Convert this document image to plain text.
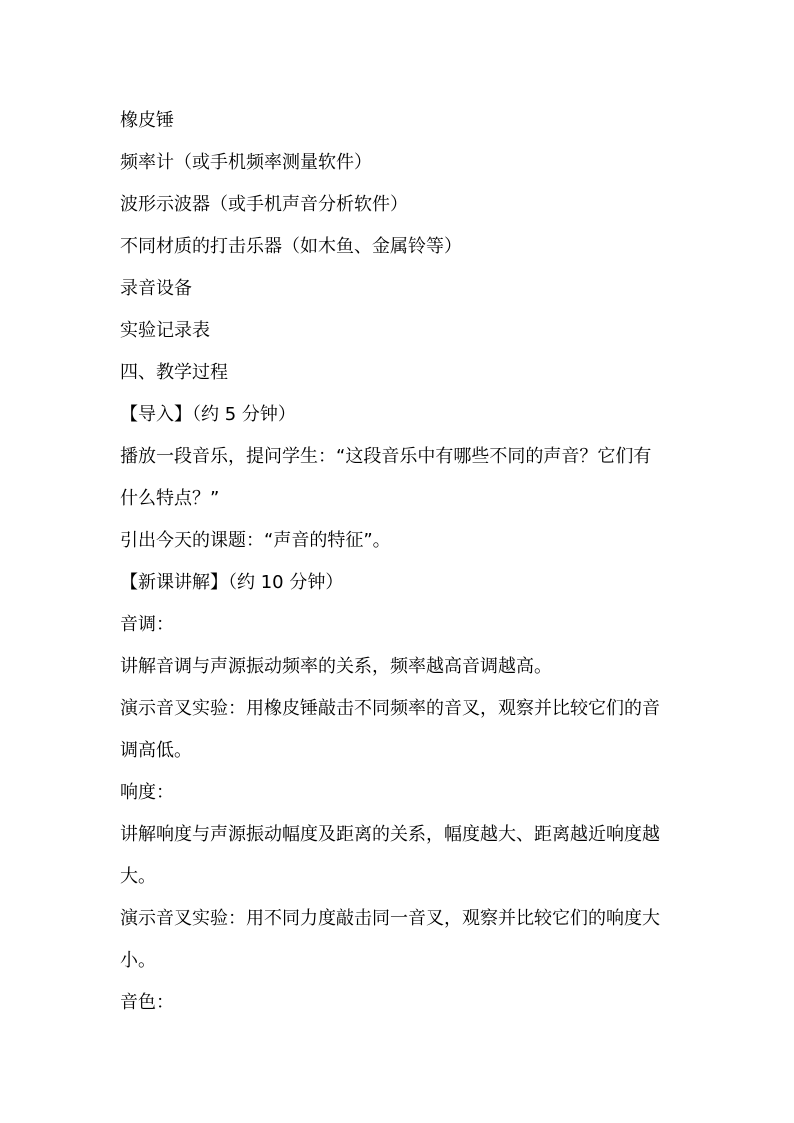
橡皮锤
频率计（或手机频率测量软件）
波形示波器（或手机声音分析软件）
不同材质的打击乐器（如木鱼、金属铃等）
录音设备
实验记录表
四、教学过程
【导入】（约 5 分钟）
播放一段音乐，提问学生：“这段音乐中有哪些不同的声音？它们有
什么特点？”
引出今天的课题：“声音的特征”。
【新课讲解】（约 10 分钟）
音调：
讲解音调与声源振动频率的关系，频率越高音调越高。
演示音叉实验：用橡皮锤敲击不同频率的音叉，观察并比较它们的音
调高低。
响度：
讲解响度与声源振动幅度及距离的关系，幅度越大、距离越近响度越
大。
演示音叉实验：用不同力度敲击同一音叉，观察并比较它们的响度大
小。
音色：
